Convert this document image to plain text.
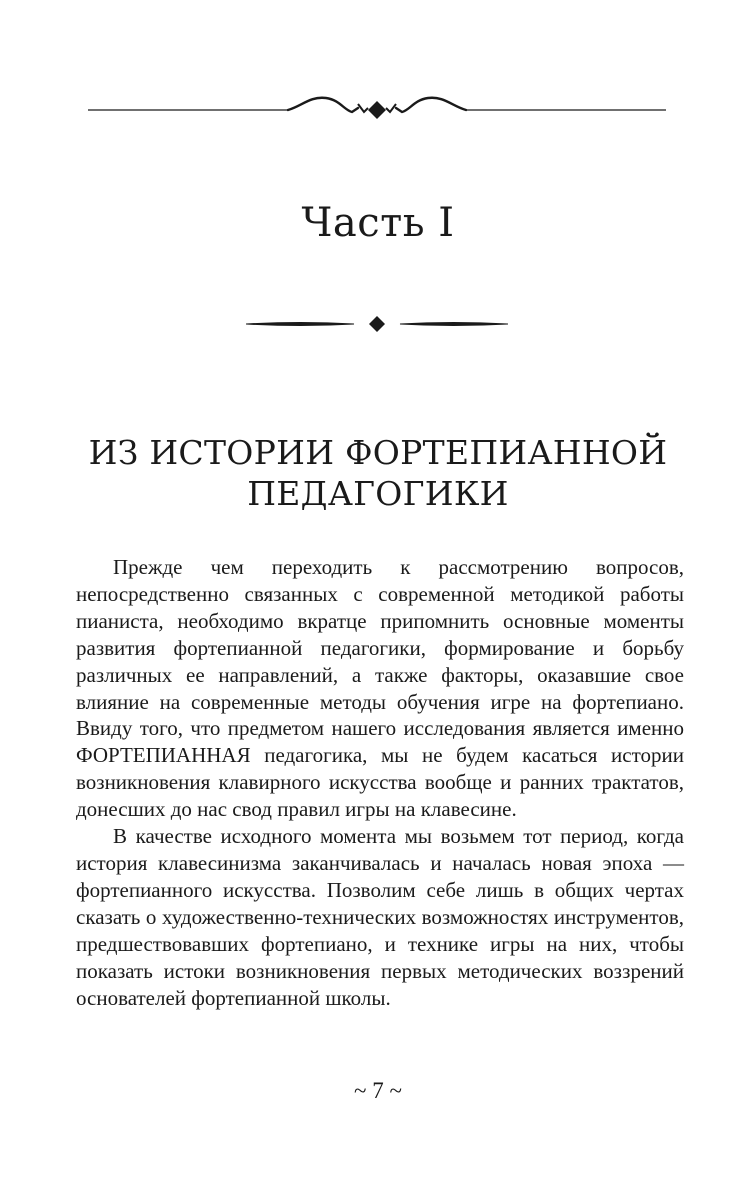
Часть I
ИЗ ИСТОРИИ ФОРТЕПИАННОЙ
ПЕДАГОГИКИ

Прежде чем переходить к рассмотрению вопросов, непосредственно связанных с современной методикой работы пианиста, необходимо вкратце припомнить основные моменты развития фортепианной педагогики, формирование и борьбу различных ее направлений, а также факторы, оказавшие свое влияние на современные методы обучения игре на фортепиано. Ввиду того, что предметом нашего исследования является именно ФОРТЕПИАННАЯ педагогика, мы не будем касаться истории возникновения клавирного искусства вообще и ранних трактатов, донесших до нас свод правил игры на клавесине.

В качестве исходного момента мы возьмем тот период, когда история клавесинизма заканчивалась и началась новая эпоха — фортепианного искусства. Позволим себе лишь в общих чертах сказать о художественно-технических возможностях инструментов, предшествовавших фортепиано, и технике игры на них, чтобы показать истоки возникновения первых методических воззрений основателей фортепианной школы.

~ 7 ~
